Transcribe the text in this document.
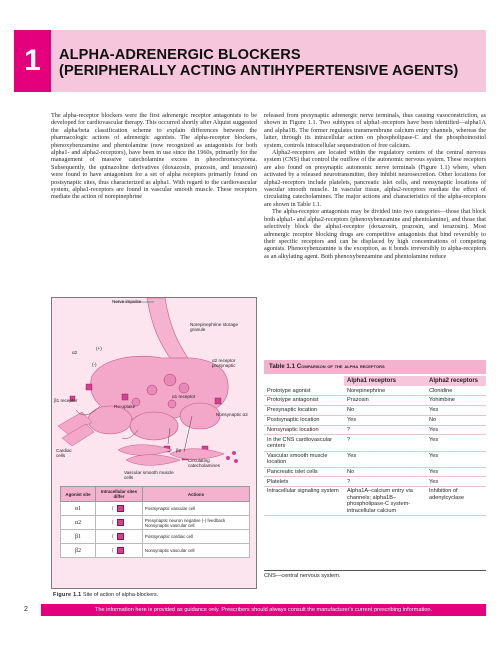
1	ALPHA-ADRENERGIC BLOCKERS
(PERIPHERALLY ACTING ANTIHYPERTENSIVE AGENTS)

The alpha-receptor blockers were the first adrenergic receptor antagonists to be developed for cardiovascular therapy. This occurred shortly after Alquist suggested the alpha/beta classification scheme to explain differences between the pharmacologic actions of adrenergic agonists. The alpha-receptor blockers, phenoxybenzamine and phentolamine (now recognized as antagonists for both alpha1- and alpha2-receptors), have been in use since the 1960s, primarily for the management of massive catecholamine excess in pheochromocytoma. Subsequently, the quinazoline derivatives (doxazosin, prazosin, and terazosin) were found to have antagonism for a set of alpha receptors primarily found on postsynaptic sites, thus characterized as alpha1. With regard to the cardiovascular system, alpha1-receptors are found in vascular smooth muscle. These receptors mediate the action of norepinephrine

released from presynaptic adrenergic nerve terminals, thus causing vasoconstriction, as shown in Figure 1.1. Two subtypes of alpha1-receptors have been identified—alpha1A and alpha1B. The former regulates transmembrane calcium entry channels, whereas the latter, through its intracellular action on phospholipase-C and the phosphoinositol system, controls intracellular sequestration of free calcium.

Alpha2-receptors are located within the regulatory centers of the central nervous system (CNS) that control the outflow of the autonomic nervous system. These receptors are also found on presynaptic autonomic nerve terminals (Figure 1.1) where, when activated by a released neurotransmitter, they inhibit neurosecretion. Other locations for alpha2-receptors include platelets, pancreatic islet cells, and nonsynaptic locations of vascular smooth muscle. In vascular tissue, alpha2-receptors mediate the effect of circulating catecholamines. The major actions and characteristics of the alpha-receptors are shown in Table 1.1.

The alpha-receptor antagonists may be divided into two categories—those that block both alpha1- and alpha2-receptors (phenoxybenzamine and phentolamine), and those that selectively block the alpha1-receptor (doxazosin, prazosin, and terazosin). Most adrenergic receptor blocking drugs are competitive antagonists that bind reversibly to their specific receptors and can be displaced by high concentrations of competing agonists. Phenoxybenzamine is the exception, as it bonds irreversibly to alpha-receptors as an alkylating agent. Both phenoxybenzamine and phentolamine reduce

Nerve impulse
Norepinephrine storage granule
α2 receptor presynaptic
α2
(+)
(-)
β1 receptor
Re-uptake
α1 receptor
Nonsynaptic α2
Cardiac cells
Vascular smooth muscle cells
Circulating catecholamines
β2
Agonist site	Intracellular sites differ	Actions
α1	{	Postsynaptic vascular cell
α2	{	Presynaptic neuron negative (-) feedback Nonsynaptic vascular cell
β1	{	Postsynaptic cardiac cell
β2	{	Nonsynaptic vascular cell
Figure 1.1 Site of action of alpha-blockers.
Table 1.1 Comparison of the alpha receptors
	Alpha1 receptors	Alpha2 receptors
Prototype agonist	Norepinephrine	Clonidine
Prototype antagonist	Prazosin	Yohimbine
Presynaptic location	No	Yes
Postsynaptic location	Yes	No
Nonsynaptic location	?	Yes
In the CNS cardiovascular centers	?	Yes
Vascular smooth muscle location	Yes	Yes
Pancreatic islet cells	No	Yes
Platelets	?	Yes
Intracellular signaling system	Alpha1A–calcium entry via channels; alpha1B–phospholipase-C system- intracellular calcium	Inhibition of adenylcyclase
CNS—central nervous system.
2	The information here is provided as guidance only. Prescribers should always consult the manufacturer's current prescribing information.
